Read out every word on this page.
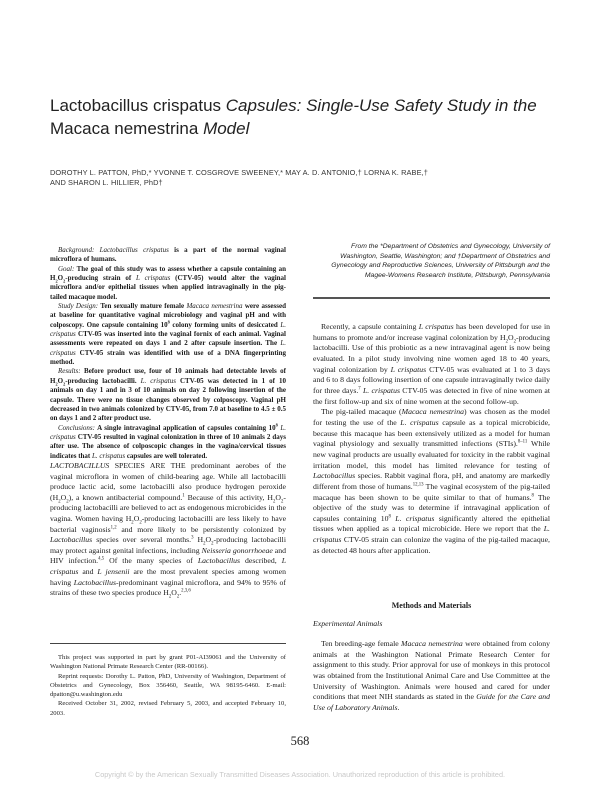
Lactobacillus crispatus Capsules: Single-Use Safety Study in the
Macaca nemestrina Model
DOROTHY L. PATTON, PhD,* YVONNE T. COSGROVE SWEENEY,* MAY A. D. ANTONIO,† LORNA K. RABE,†
AND SHARON L. HILLIER, PhD†

Background: Lactobacillus crispatus is a part of the normal vaginal microflora of humans.

Goal: The goal of this study was to assess whether a capsule containing an $H_2O_2$-producing strain of L crispatus (CTV-05) would alter the vaginal microflora and/or epithelial tissues when applied intravaginally in the pig-tailed macaque model.

Study Design: Ten sexually mature female Macaca nemestrina were assessed at baseline for quantitative vaginal microbiology and vaginal pH and with colposcopy. One capsule containing $10^8$ colony forming units of desiccated L. crispatus CTV-05 was inserted into the vaginal fornix of each animal. Vaginal assessments were repeated on days 1 and 2 after capsule insertion. The L. crispatus CTV-05 strain was identified with use of a DNA fingerprinting method.

Results: Before product use, four of 10 animals had detectable levels of $H_2O_2$-producing lactobacilli. L. crispatus CTV-05 was detected in 1 of 10 animals on day 1 and in 3 of 10 animals on day 2 following insertion of the capsule. There were no tissue changes observed by colposcopy. Vaginal pH decreased in two animals colonized by CTV-05, from 7.0 at baseline to 4.5 ± 0.5 on days 1 and 2 after product use.

Conclusions: A single intravaginal application of capsules containing $10^8$ L. crispatus CTV-05 resulted in vaginal colonization in three of 10 animals 2 days after use. The absence of colposcopic changes in the vagina/cervical tissues indicates that L. crispatus capsules are well tolerated.

LACTOBACILLUS SPECIES ARE THE predominant aerobes of the vaginal microflora in women of child-bearing age. While all lactobacilli produce lactic acid, some lactobacilli also produce hydrogen peroxide $(H_2O_2)$, a known antibacterial compound.$^1$ Because of this activity, $H_2O_2$-producing lactobacilli are believed to act as endogenous microbicides in the vagina. Women having $H_2O_2$-producing lactobacilli are less likely to have bacterial vaginosis$^{1,2}$ and more likely to be persistently colonized by Lactobacillus species over several months.$^3$ $H_2O_2$-producing lactobacilli may protect against genital infections, including Neisseria gonorrhoeae and HIV infection.$^{4,5}$ Of the many species of Lactobacillus described, L crispatus and L jensenii are the most prevalent species among women having Lactobacillus-predominant vaginal microflora, and 94% to 95% of strains of these two species produce $H_2O_2.^{2,3,6}$

This project was supported in part by grant P01-AI39061 and the University of Washington National Primate Research Center (RR-00166).

Reprint requests: Dorothy L. Patton, PhD, University of Washington, Department of Obstetrics and Gynecology, Box 356460, Seattle, WA 98195-6460. E-mail: dpatton@u.washington.edu

Received October 31, 2002, revised February 5, 2003, and accepted February 10, 2003.

From the *Department of Obstetrics and Gynecology, University of Washington, Seattle, Washington; and †Department of Obstetrics and Gynecology and Reproductive Sciences, University of Pittsburgh and the Magee-Womens Research Institute, Pittsburgh, Pennsylvania

Recently, a capsule containing L crispatus has been developed for use in humans to promote and/or increase vaginal colonization by $H_2O_2$-producing lactobacilli. Use of this probiotic as a new intravaginal agent is now being evaluated. In a pilot study involving nine women aged 18 to 40 years, vaginal colonization by L crispatus CTV-05 was evaluated at 1 to 3 days and 6 to 8 days following insertion of one capsule intravaginally twice daily for three days.$^7$ L. crispatus CTV-05 was detected in five of nine women at the first follow-up and six of nine women at the second follow-up.

The pig-tailed macaque (Macaca nemestrina) was chosen as the model for testing the use of the L. crispatus capsule as a topical microbicide, because this macaque has been extensively utilized as a model for human vaginal physiology and sexually transmitted infections (STIs).$^{8-11}$ While new vaginal products are usually evaluated for toxicity in the rabbit vaginal irritation model, this model has limited relevance for testing of Lactobacillus species. Rabbit vaginal flora, pH, and anatomy are markedly different from those of humans.$^{12,13}$ The vaginal ecosystem of the pig-tailed macaque has been shown to be quite similar to that of humans.$^8$ The objective of the study was to determine if intravaginal application of capsules containing $10^8$ L. crispatus significantly altered the epithelial tissues when applied as a topical microbicide. Here we report that the L. crispatus CTV-05 strain can colonize the vagina of the pig-tailed macaque, as detected 48 hours after application.

Methods and Materials
Experimental Animals

Ten breeding-age female Macaca nemestrina were obtained from colony animals at the Washington National Primate Research Center for assignment to this study. Prior approval for use of monkeys in this protocol was obtained from the Institutional Animal Care and Use Committee at the University of Washington. Animals were housed and cared for under conditions that meet NIH standards as stated in the Guide for the Care and Use of Laboratory Animals.

568
Copyright © by the American Sexually Transmitted Diseases Association. Unauthorized reproduction of this article is prohibited.
